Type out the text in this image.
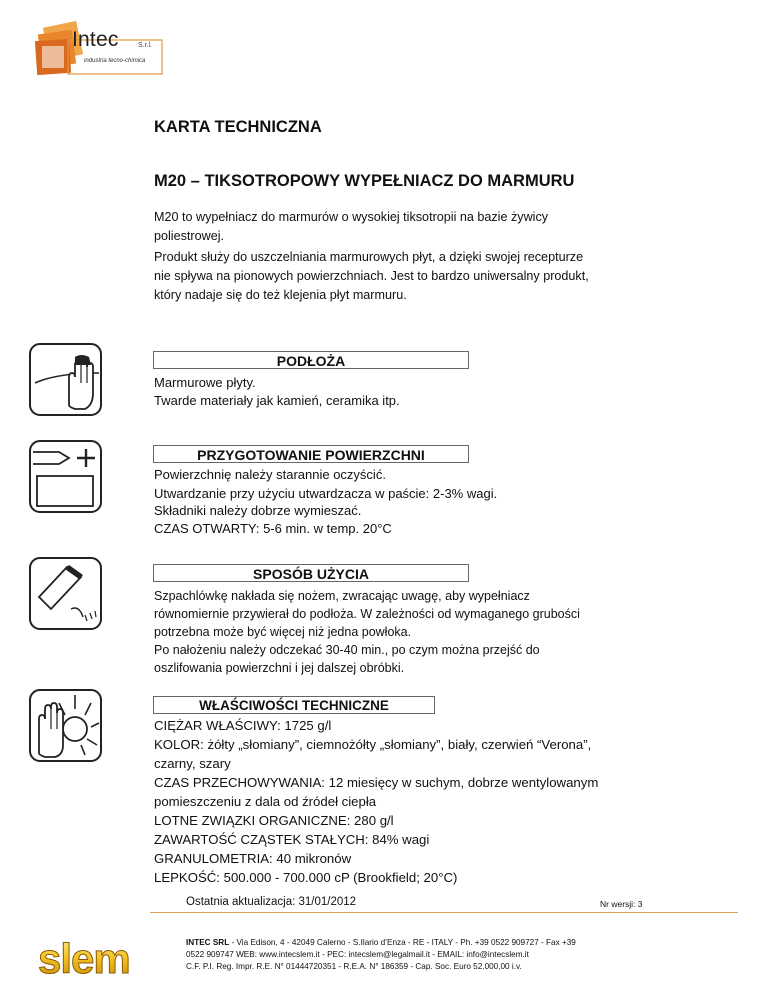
Intec	S.r.l.
industria tecno-chimica
KARTA TECHNICZNA
M20 – TIKSOTROPOWY WYPEŁNIACZ DO MARMURU

M20 to wypełniacz do marmurów o wysokiej tiksotropii na bazie żywicy

poliestrowej.

Produkt służy do uszczelniania marmurowych płyt, a dzięki swojej recepturze

nie spływa na pionowych powierzchniach. Jest to bardzo uniwersalny produkt,

który nadaje się do też klejenia płyt marmuru.

PODŁOŻA
Marmurowe płyty.
Twarde materiały jak kamień, ceramika itp.
PRZYGOTOWANIE POWIERZCHNI
Powierzchnię należy starannie oczyścić.
Utwardzanie przy użyciu utwardzacza w paście: 2-3% wagi.
Składniki należy dobrze wymieszać.
CZAS OTWARTY: 5-6 min. w temp. 20°C
SPOSÓB UŻYCIA
Szpachlówkę nakłada się nożem, zwracając uwagę, aby wypełniacz
równomiernie przywierał do podłoża. W zależności od wymaganego grubości
potrzebna może być więcej niż jedna powłoka.
Po nałożeniu należy odczekać 30-40 min., po czym można przejść do
oszlifowania powierzchni i jej dalszej obróbki.
WŁAŚCIWOŚCI TECHNICZNE
CIĘŻAR WŁAŚCIWY: 1725 g/l
KOLOR: żółty „słomiany”, ciemnożółty „słomiany”, biały, czerwień “Verona”,
czarny, szary
CZAS PRZECHOWYWANIA: 12 miesięcy w suchym, dobrze wentylowanym
pomieszczeniu z dala od źródeł ciepła
LOTNE ZWIĄZKI ORGANICZNE: 280 g/l
ZAWARTOŚĆ CZĄSTEK STAŁYCH: 84% wagi
GRANULOMETRIA: 40 mikronów
LEPKOŚĆ: 500.000 - 700.000 cP (Brookfield; 20°C)
Ostatnia aktualizacja: 31/01/2012	Nr wersji: 3
slem	INTEC SRL - Via Edison, 4 - 42049 Calerno - S.Ilario d’Enza - RE - ITALY - Ph. +39 0522 909727 - Fax +39
0522 909747 WEB: www.intecslem.it - PEC: intecslem@legalmail.it - EMAIL: info@intecslem.it
C.F. P.I. Reg. Impr. R.E. N° 01444720351 - R.E.A. N° 186359 - Cap. Soc. Euro 52.000,00 i.v.
